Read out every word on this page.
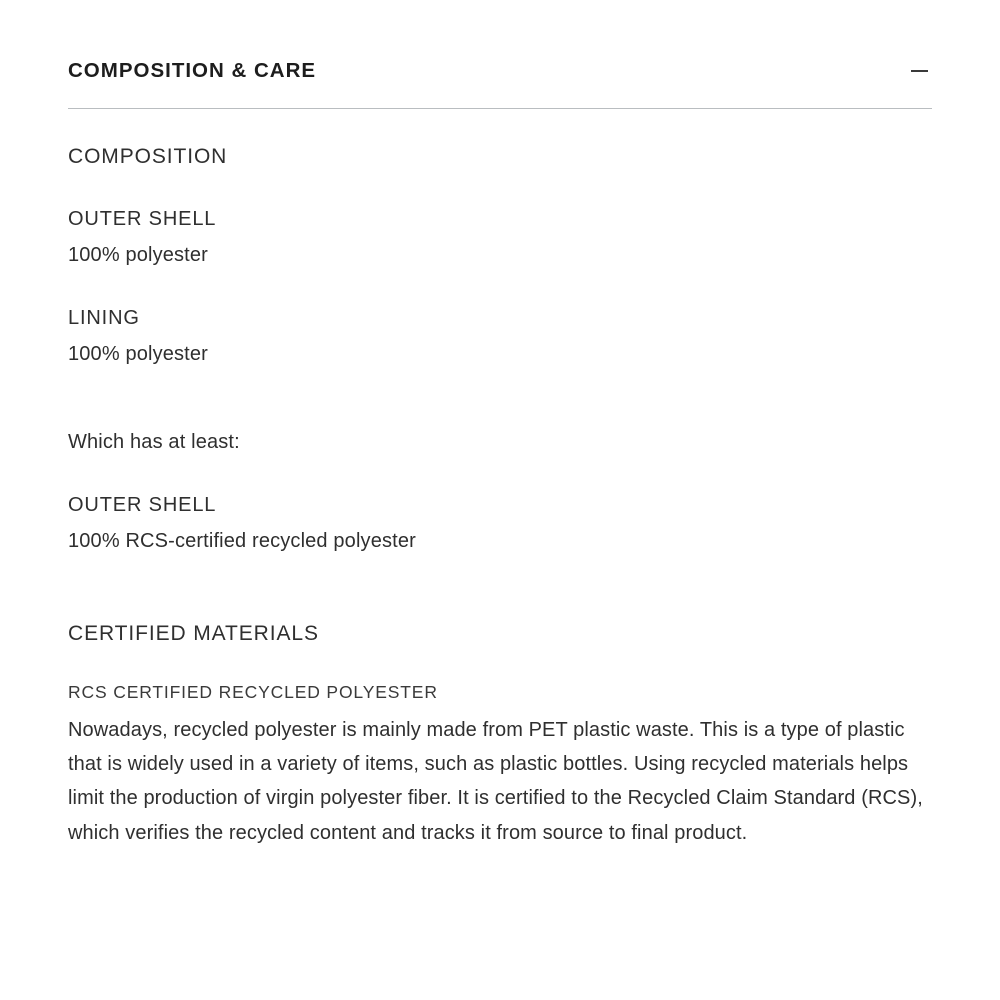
COMPOSITION & CARE
COMPOSITION
OUTER SHELL
100% polyester
LINING
100% polyester
Which has at least:
OUTER SHELL
100% RCS-certified recycled polyester
CERTIFIED MATERIALS
RCS CERTIFIED RECYCLED POLYESTER
Nowadays, recycled polyester is mainly made from PET plastic waste. This is a type of plastic that is widely used in a variety of items, such as plastic bottles. Using recycled materials helps limit the production of virgin polyester fiber. It is certified to the Recycled Claim Standard (RCS), which verifies the recycled content and tracks it from source to final product.
